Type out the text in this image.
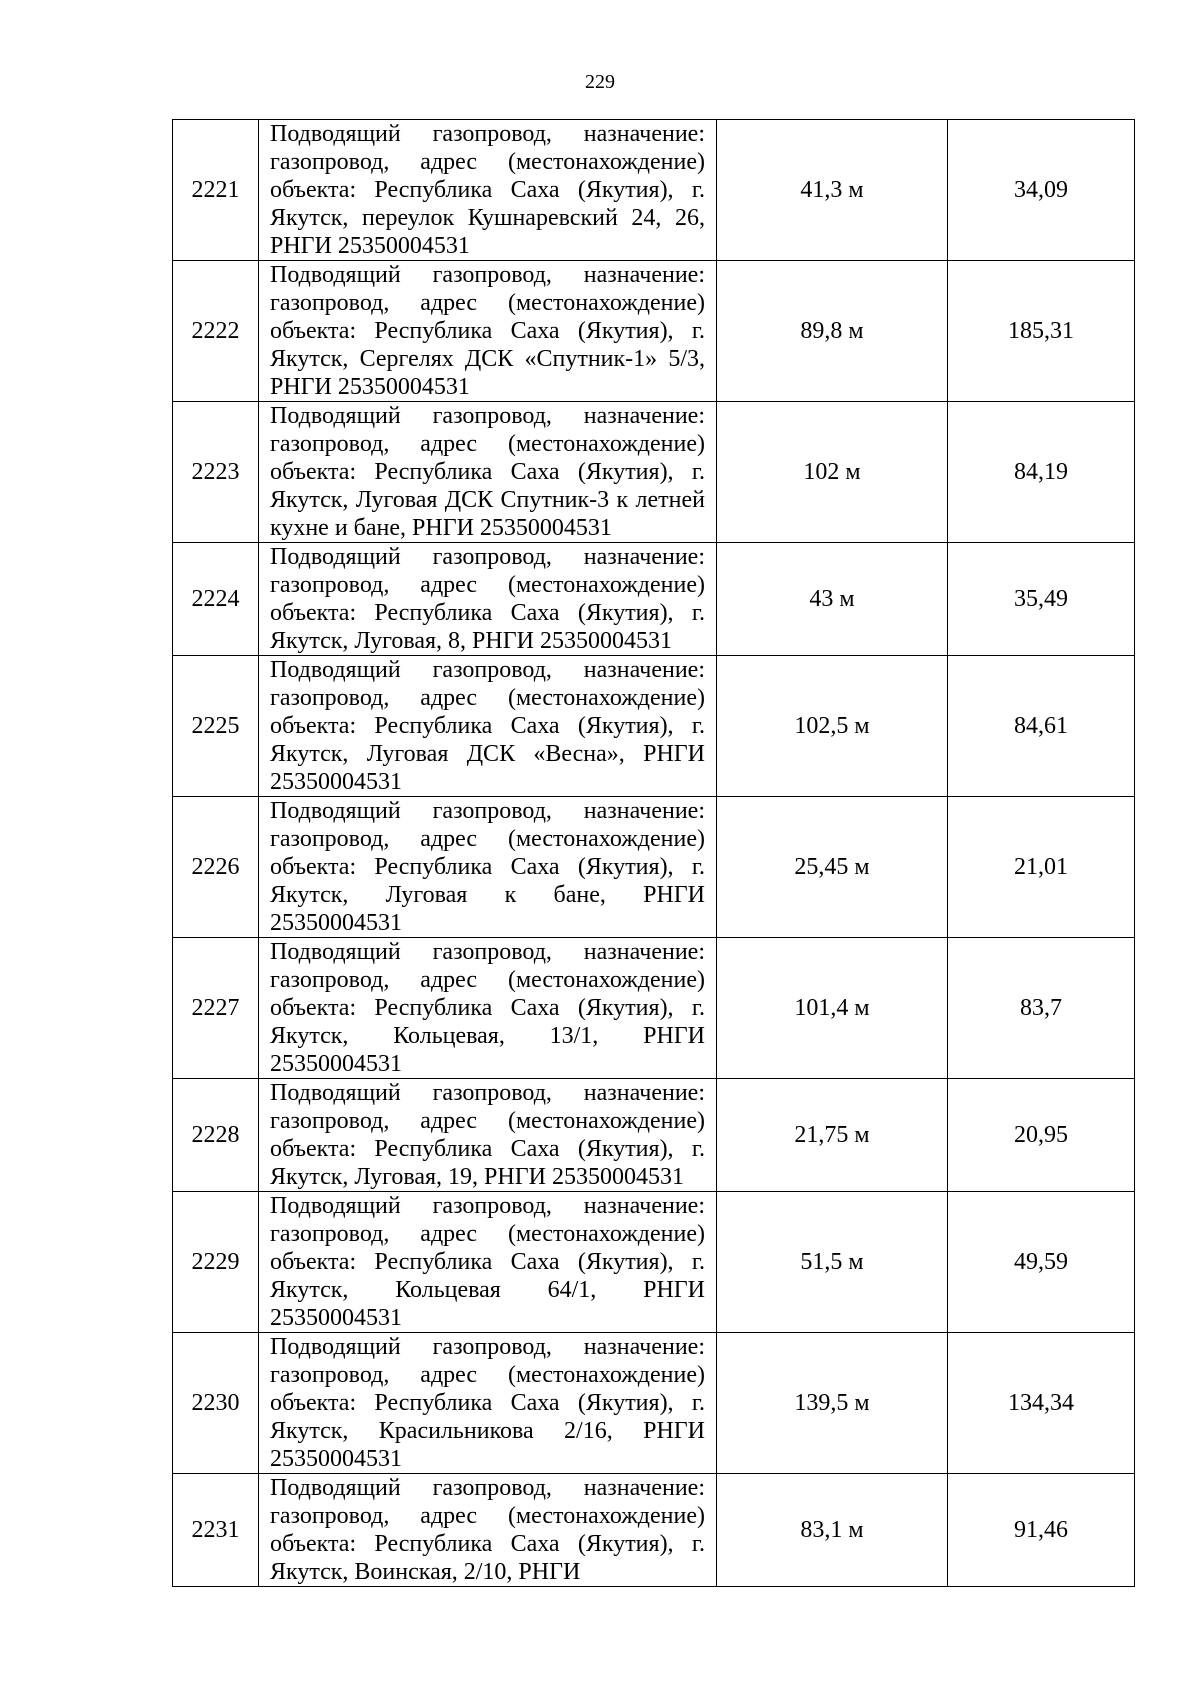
229
2221	Подводящий газопровод, назначение: газопровод, адрес (местонахождение) объекта: Республика Саха (Якутия), г. Якутск, переулок Кушнаревский 24, 26, РНГИ 25350004531	41,3 м	34,09
2222	Подводящий газопровод, назначение: газопровод, адрес (местонахождение) объекта: Республика Саха (Якутия), г. Якутск, Сергелях ДСК «Спутник-1» 5/3, РНГИ 25350004531	89,8 м	185,31
2223	Подводящий газопровод, назначение: газопровод, адрес (местонахождение) объекта: Республика Саха (Якутия), г. Якутск, Луговая ДСК Спутник-3 к летней кухне и бане, РНГИ 25350004531	102 м	84,19
2224	Подводящий газопровод, назначение: газопровод, адрес (местонахождение) объекта: Республика Саха (Якутия), г. Якутск, Луговая, 8, РНГИ 25350004531	43 м	35,49
2225	Подводящий газопровод, назначение: газопровод, адрес (местонахождение) объекта: Республика Саха (Якутия), г. Якутск, Луговая ДСК «Весна», РНГИ 25350004531	102,5 м	84,61
2226	Подводящий газопровод, назначение: газопровод, адрес (местонахождение) объекта: Республика Саха (Якутия), г. Якутск, Луговая к бане, РНГИ 25350004531	25,45 м	21,01
2227	Подводящий газопровод, назначение: газопровод, адрес (местонахождение) объекта: Республика Саха (Якутия), г. Якутск, Кольцевая, 13/1, РНГИ 25350004531	101,4 м	83,7
2228	Подводящий газопровод, назначение: газопровод, адрес (местонахождение) объекта: Республика Саха (Якутия), г. Якутск, Луговая, 19, РНГИ 25350004531	21,75 м	20,95
2229	Подводящий газопровод, назначение: газопровод, адрес (местонахождение) объекта: Республика Саха (Якутия), г. Якутск, Кольцевая 64/1, РНГИ 25350004531	51,5 м	49,59
2230	Подводящий газопровод, назначение: газопровод, адрес (местонахождение) объекта: Республика Саха (Якутия), г. Якутск, Красильникова 2/16, РНГИ 25350004531	139,5 м	134,34
2231	Подводящий газопровод, назначение: газопровод, адрес (местонахождение) объекта: Республика Саха (Якутия), г. Якутск, Воинская, 2/10, РНГИ	83,1 м	91,46
